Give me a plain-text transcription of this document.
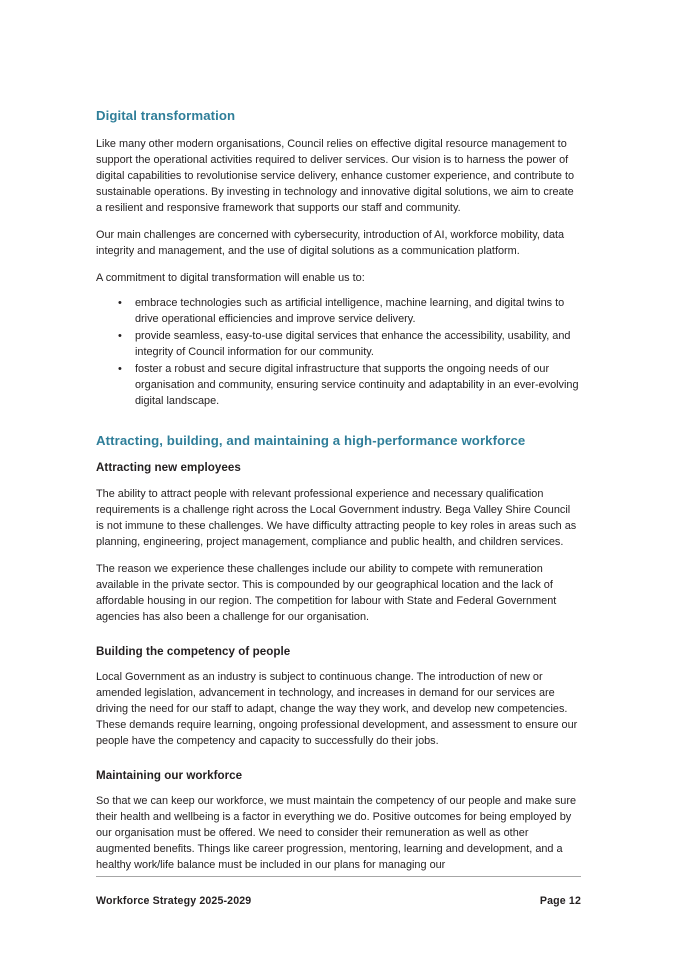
Digital transformation

Like many other modern organisations, Council relies on effective digital resource management to support the operational activities required to deliver services. Our vision is to harness the power of digital capabilities to revolutionise service delivery, enhance customer experience, and contribute to sustainable operations. By investing in technology and innovative digital solutions, we aim to create a resilient and responsive framework that supports our staff and community.

Our main challenges are concerned with cybersecurity, introduction of AI, workforce mobility, data integrity and management, and the use of digital solutions as a communication platform.

A commitment to digital transformation will enable us to:

• embrace technologies such as artificial intelligence, machine learning, and digital twins to drive operational efficiencies and improve service delivery.
• provide seamless, easy-to-use digital services that enhance the accessibility, usability, and integrity of Council information for our community.
• foster a robust and secure digital infrastructure that supports the ongoing needs of our organisation and community, ensuring service continuity and adaptability in an ever-evolving digital landscape.
Attracting, building, and maintaining a high-performance workforce
Attracting new employees

The ability to attract people with relevant professional experience and necessary qualification requirements is a challenge right across the Local Government industry. Bega Valley Shire Council is not immune to these challenges. We have difficulty attracting people to key roles in areas such as planning, engineering, project management, compliance and public health, and children services.

The reason we experience these challenges include our ability to compete with remuneration available in the private sector. This is compounded by our geographical location and the lack of affordable housing in our region. The competition for labour with State and Federal Government agencies has also been a challenge for our organisation.

Building the competency of people

Local Government as an industry is subject to continuous change. The introduction of new or amended legislation, advancement in technology, and increases in demand for our services are driving the need for our staff to adapt, change the way they work, and develop new competencies. These demands require learning, ongoing professional development, and assessment to ensure our people have the competency and capacity to successfully do their jobs.

Maintaining our workforce

So that we can keep our workforce, we must maintain the competency of our people and make sure their health and wellbeing is a factor in everything we do. Positive outcomes for being employed by our organisation must be offered. We need to consider their remuneration as well as other augmented benefits. Things like career progression, mentoring, learning and development, and a healthy work/life balance must be included in our plans for managing our

Workforce Strategy 2025-2029	Page 12
